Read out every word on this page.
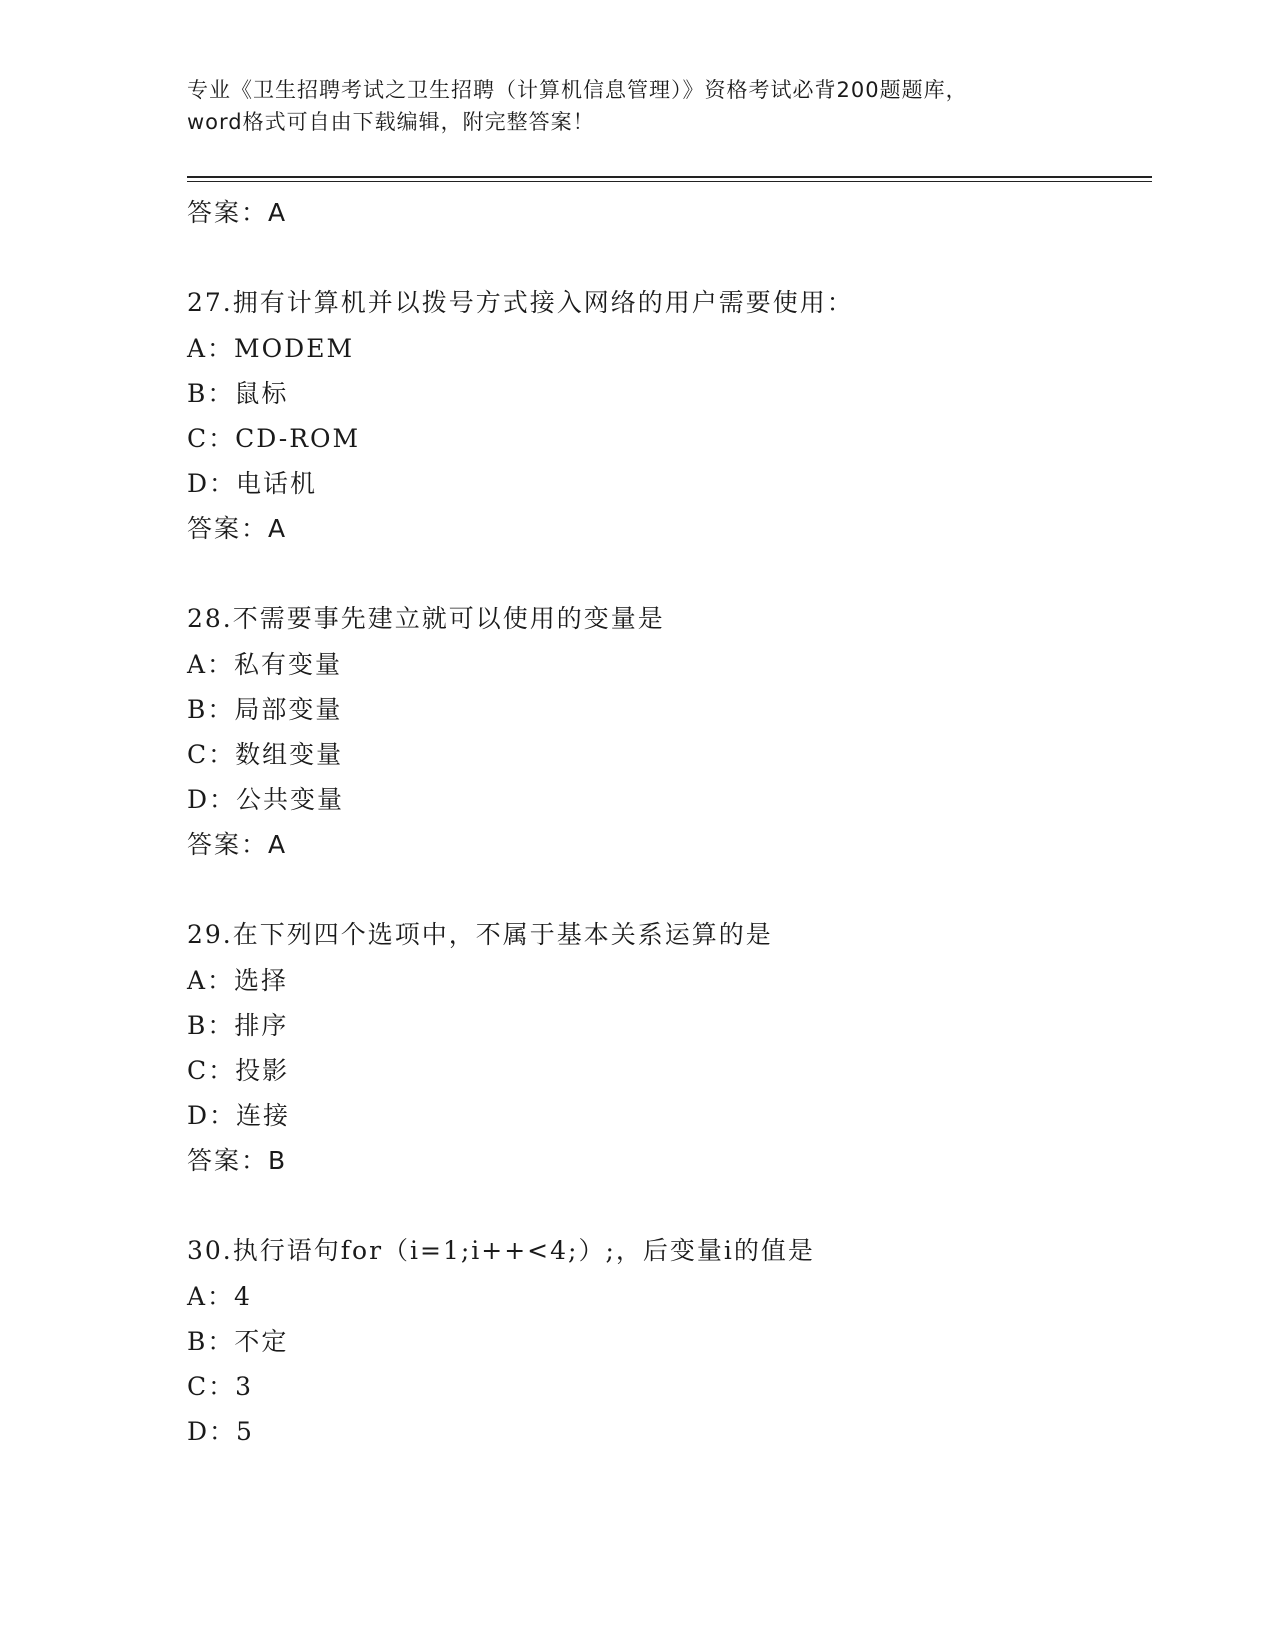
专业《卫生招聘考试之卫生招聘（计算机信息管理）》资格考试必背200题题库，
word格式可自由下载编辑，附完整答案！
答案：A
27.拥有计算机并以拨号方式接入网络的用户需要使用：
A：MODEM
B：鼠标
C：CD-ROM
D：电话机
答案：A
28.不需要事先建立就可以使用的变量是
A：私有变量
B：局部变量
C：数组变量
D：公共变量
答案：A
29.在下列四个选项中，不属于基本关系运算的是
A：选择
B：排序
C：投影
D：连接
答案：B
30.执行语句for（i=1;i++<4;）;，后变量i的值是
A：4
B：不定
C：3
D：5
